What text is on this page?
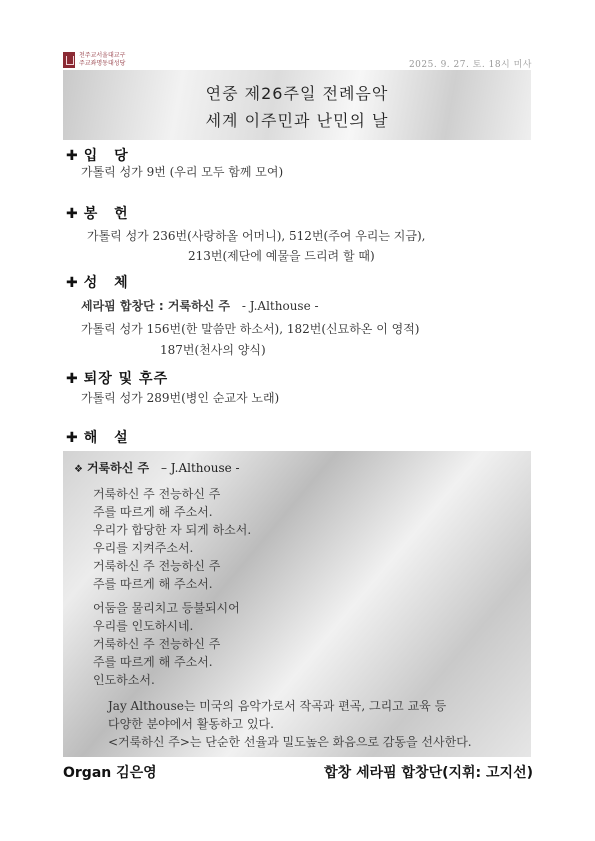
천주교서울대교구
주교좌명동대성당	2025. 9. 27. 토. 18시 미사
연중 제26주일 전례음악
세계 이주민과 난민의 날
✚ 입 당
가톨릭 성가 9번 (우리 모두 함께 모여)
✚ 봉 헌
가톨릭 성가 236번(사랑하올 어머니), 512번(주여 우리는 지금),
213번(제단에 예물을 드리려 할 때)
✚ 성 체
세라핌 합창단 : 거룩하신 주 - J.Althouse -
가톨릭 성가 156번(한 말씀만 하소서), 182번(신묘하온 이 영적)
187번(천사의 양식)
✚ 퇴장 및 후주
가톨릭 성가 289번(병인 순교자 노래)
✚ 해 설
❖ 거룩하신 주 – J.Althouse -
거룩하신 주 전능하신 주
주를 따르게 해 주소서.
우리가 합당한 자 되게 하소서.
우리를 지켜주소서.
거룩하신 주 전능하신 주
주를 따르게 해 주소서.
어둠을 물리치고 등불되시어
우리를 인도하시네.
거룩하신 주 전능하신 주
주를 따르게 해 주소서.
인도하소서.
Jay Althouse는 미국의 음악가로서 작곡과 편곡, 그리고 교육 등
다양한 분야에서 활동하고 있다.
<거룩하신 주>는 단순한 선율과 밀도높은 화음으로 감동을 선사한다.
Organ 김은영	합창 세라핌 합창단(지휘: 고지선)
